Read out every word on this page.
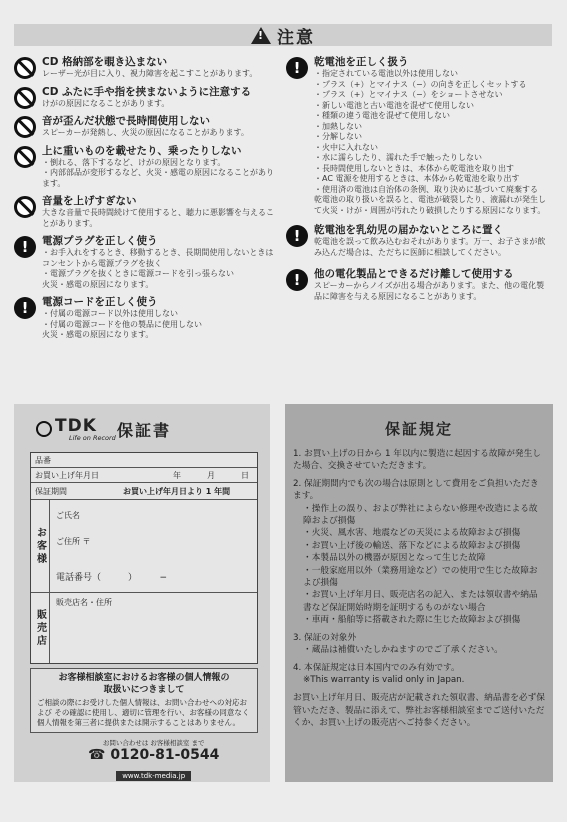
! 注意
CD 格納部を覗き込まない
レーザー光が目に入り、視力障害を起こすことがあります。
CD ふたに手や指を挟まないように注意する
けがの原因になることがあります。
音が歪んだ状態で長時間使用しない
スピーカーが発熱し、火災の原因になることがあります。
上に重いものを載せたり、乗ったりしない
・倒れる、落下するなど、けがの原因となります。
・内部部品が変形するなど、火災・感電の原因になることがあります。
音量を上げすぎない
大きな音量で長時間続けて使用すると、聴力に悪影響を与えることがあります。
!	電源プラグを正しく使う
・お手入れをするとき、移動するとき、長期間使用しないときはコンセントから電源プラグを抜く
・電源プラグを抜くときに電源コードを引っ張らない
火災・感電の原因になります。
!	電源コードを正しく使う
・付属の電源コード以外は使用しない
・付属の電源コードを他の製品に使用しない
火災・感電の原因になります。
!	乾電池を正しく扱う
・指定されている電池以外は使用しない
・プラス（+）とマイナス（−）の向きを正しくセットする
・プラス（+）とマイナス（−）をショートさせない
・新しい電池と古い電池を混ぜて使用しない
・種類の違う電池を混ぜて使用しない
・加熱しない
・分解しない
・火中に入れない
・水に濡らしたり、濡れた手で触ったりしない
・長時間使用しないときは、本体から乾電池を取り出す
・AC 電源を使用するときは、本体から乾電池を取り出す
・使用済の電池は自治体の条例、取り決めに基づいて廃棄する
乾電池の取り扱いを誤ると、電池が破裂したり、液漏れが発生して火災・けが・周囲が汚れたり破損したりする原因になります。
!	乾電池を乳幼児の届かないところに置く
乾電池を誤って飲み込むおそれがあります。万一、お子さまが飲み込んだ場合は、ただちに医師に相談してください。
!	他の電化製品とできるだけ離して使用する
スピーカーからノイズが出る場合があります。また、他の電化製品に障害を与える原因になることがあります。
TDK
Life on Record 保証書
品番
お買い上げ年月日	年	月	日
保証期間	お買い上げ年月日より 1 年間
お客様
ご氏名
ご住所 〒
電話番号（　　　）　　　−
販売店
販売店名・住所
お客様相談室におけるお客様の個人情報の
取扱いにつきまして
ご相談の際にお受けした個人情報は、お問い合わせへの対応および その確認に使用し、適切に管理を行い、お客様の同意なく個人情報を第三者に提供または開示することはありません。
お問い合わせは お客様相談室 まで
☎ 0120-81-0544
www.tdk-media.jp
保証規定

1. お買い上げの日から 1 年以内に製造に起因する故障が発生した場合、交換させていただきます。

2. 保証期間内でも次の場合は原則として費用をご負担いただきます。

・操作上の誤り、および弊社によらない修理や改造による故障および損傷

・火災、風水害、地震などの天災による故障および損傷

・お買い上げ後の輸送、落下などによる故障および損傷

・本製品以外の機器が原因となって生じた故障

・一般家庭用以外（業務用途など）での使用で生じた故障および損傷

・お買い上げ年月日、販売店名の記入、または領収書や納品書など保証開始時期を証明するものがない場合

・車両・船舶等に搭載された際に生じた故障および損傷

3. 保証の対象外

・蔵品は補償いたしかねますのでご了承ください。

4. 本保証規定は日本国内でのみ有効です。

※This warranty is valid only in Japan.

お買い上げ年月日、販売店が記載された領収書、納品書を必ず保管いただき、製品に添えて、弊社お客様相談室までご送付いただくか、お買い上げの販売店へご持参ください。
